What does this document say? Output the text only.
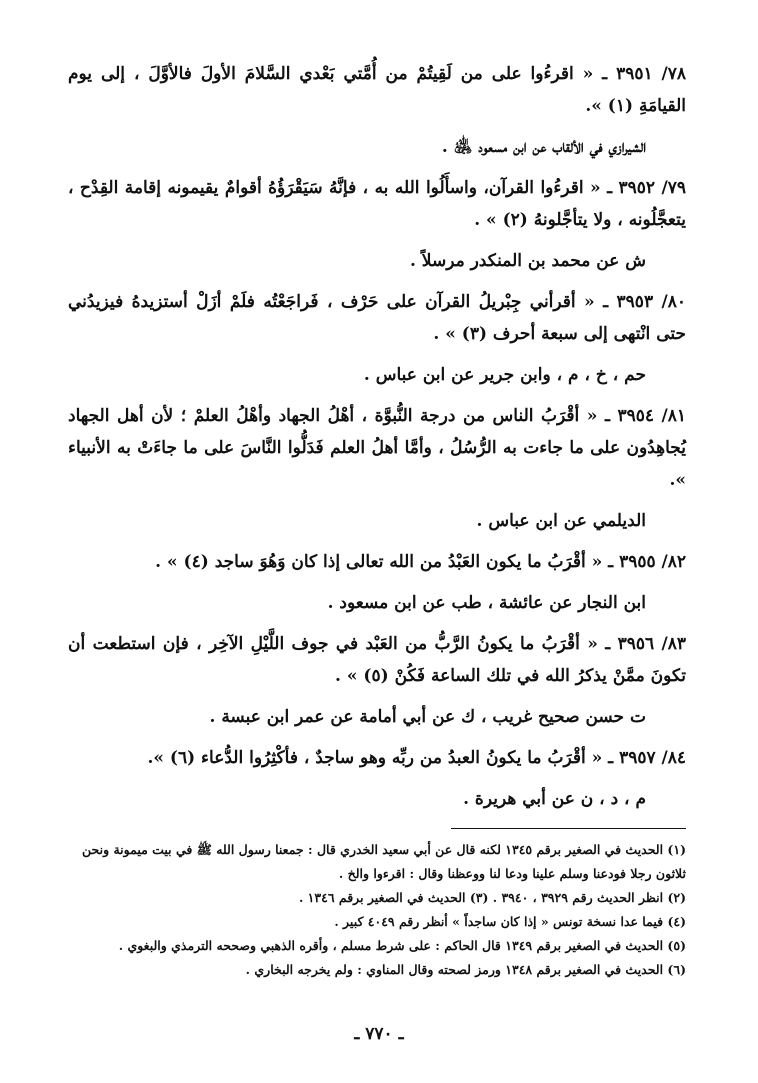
٧٨/ ٣٩٥١ ـ « اقرءُوا على من لَقِيتُمْ من أُمَّتي بَعْدي السَّلامَ الأولَ فالأوَّلَ ، إلى يوم القيامَةِ (١) ».

الشيرازي في الألقاب عن ابن مسعود ﵁ .

٧٩/ ٣٩٥٢ ـ « اقرءُوا القرآن، واسأَلُوا الله به ، فإنَّهُ سَيَقْرَؤُهُ أقوامٌ يقيمونه إقامة القِدْح ، يتعجَّلُونه ، ولا يتأجَّلونهُ (٢) » .

ش عن محمد بن المنكدر مرسلاً .

٨٠/ ٣٩٥٣ ـ « أقرأني جِبْريلُ القرآن على حَرْف ، فَراجَعْتُه فلَمْ أزَلْ أستزيدهُ فيزيدُني حتى انْتهى إلى سبعة أحرف (٣) » .

حم ، خ ، م ، وابن جرير عن ابن عباس .

٨١/ ٣٩٥٤ ـ « أقْرَبُ الناس من درجة النُّبوَّة ، أهْلُ الجهاد وأهْلُ العلمْ ؛ لأن أهل الجهاد يُجاهِدُون على ما جاءت به الرُّسُلُ ، وأمَّا أهلُ العلم فَدَلُّوا النَّاسَ على ما جاءَتْ به الأنبياء ».

الديلمي عن ابن عباس .

٨٢/ ٣٩٥٥ ـ « أقْرَبُ ما يكون العَبْدُ من الله تعالى إذا كان وَهُوَ ساجد (٤) » .

ابن النجار عن عائشة ، طب عن ابن مسعود .

٨٣/ ٣٩٥٦ ـ « أقْرَبُ ما يكونُ الرَّبُّ من العَبْد في جوف اللَّيْلِ الآخِر ، فإن استطعت أن تكونَ ممَّنْ يذكرُ الله في تلك الساعة فَكُنْ (٥) » .

ت حسن صحيح غريب ، ك عن أبي أمامة عن عمر ابن عبسة .

٨٤/ ٣٩٥٧ ـ « أقْرَبُ ما يكونُ العبدُ من ربِّه وهو ساجدٌ ، فأكْثِرُوا الدُّعاء (٦) ».

م ، د ، ن عن أبي هريرة .

(١) الحديث في الصغير برقم ١٣٤٥ لكنه قال عن أبي سعيد الخدري قال : جمعنا رسول الله ﷺ في بيت ميمونة ونحن ثلاثون رجلا فودعنا وسلم علينا ودعا لنا ووعظنا وقال : اقرءوا والخ .

(٢) انظر الحديث رقم ٣٩٢٩ ، ٣٩٤٠ . (٣) الحديث في الصغير برقم ١٣٤٦ .

(٤) فيما عدا نسخة تونس « إذا كان ساجداً » أنظر رقم ٤٠٤٩ كبير .

(٥) الحديث في الصغير برقم ١٣٤٩ قال الحاكم : على شرط مسلم ، وأقره الذهبي وصححه الترمذي والبغوي .

(٦) الحديث في الصغير برقم ١٣٤٨ ورمز لصحته وقال المناوي : ولم يخرجه البخاري .

ـ ٧٧٠ ـ
